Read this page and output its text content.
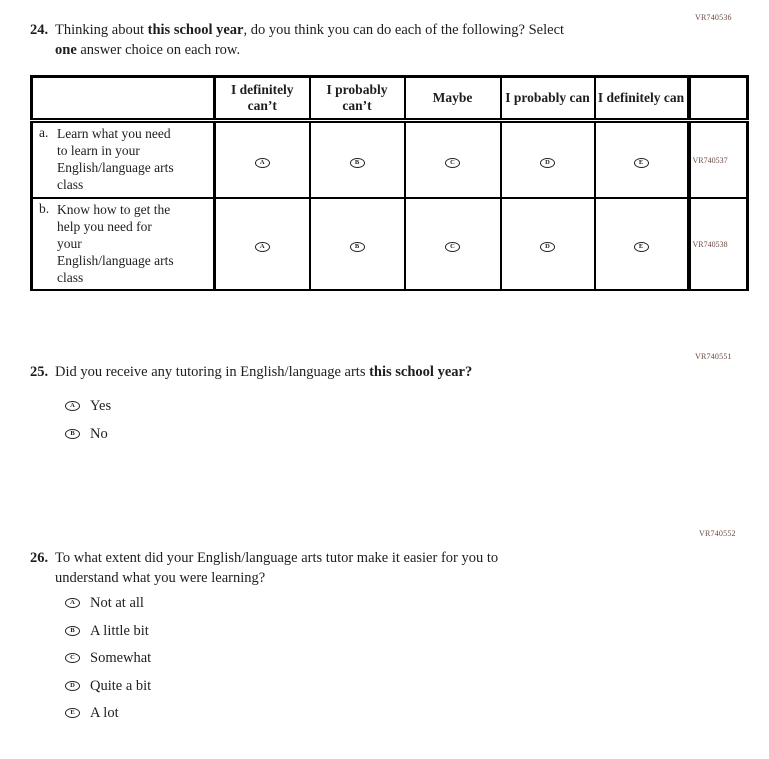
VR740536
24. Thinking about this school year, do you think you can do each of the following? Select
one answer choice on each row.
	I definitely can’t	I probably can’t	Maybe	I probably can	I definitely can	

a. Learn what you need
to learn in your
English/language arts
class	A	B	C	D	E	VR740537

b. Know how to get the
help you need for
your
English/language arts
class
	A	B	C	D	E	VR740538
VR740551
25. Did you receive any tutoring in English/language arts this school year?
A	Yes
B	No
VR740552
26. To what extent did your English/language arts tutor make it easier for you to
understand what you were learning?
A	Not at all
B	A little bit
C	Somewhat
D	Quite a bit
E	A lot
